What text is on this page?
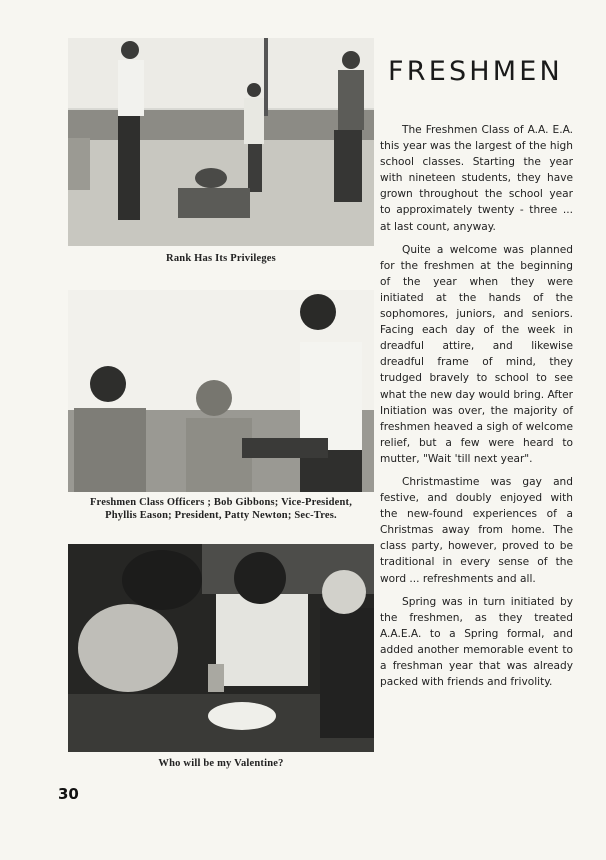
Rank Has Its Privileges
Freshmen Class Officers ; Bob Gibbons; Vice-President,
Phyllis Eason; President, Patty Newton; Sec-Tres.
Who will be my Valentine?
FRESHMEN

The Freshmen Class of A.A. E.A. this year was the largest of the high school classes. Starting the year with nineteen students, they have grown throughout the school year to approximately twenty - three ... at last count, anyway.

Quite a welcome was planned for the freshmen at the beginning of the year when they were initiated at the hands of the sophomores, juniors, and seniors. Facing each day of the week in dreadful attire, and likewise dreadful frame of mind, they trudged bravely to school to see what the new day would bring. After Initiation was over, the majority of freshmen heaved a sigh of welcome relief, but a few were heard to mutter, "Wait 'till next year".

Christmastime was gay and festive, and doubly enjoyed with the new-found experiences of a Christmas away from home. The class party, however, proved to be traditional in every sense of the word ... refreshments and all.

Spring was in turn initiated by the freshmen, as they treated A.A.E.A. to a Spring formal, and added another memorable event to a freshman year that was already packed with friends and frivolity.

30
